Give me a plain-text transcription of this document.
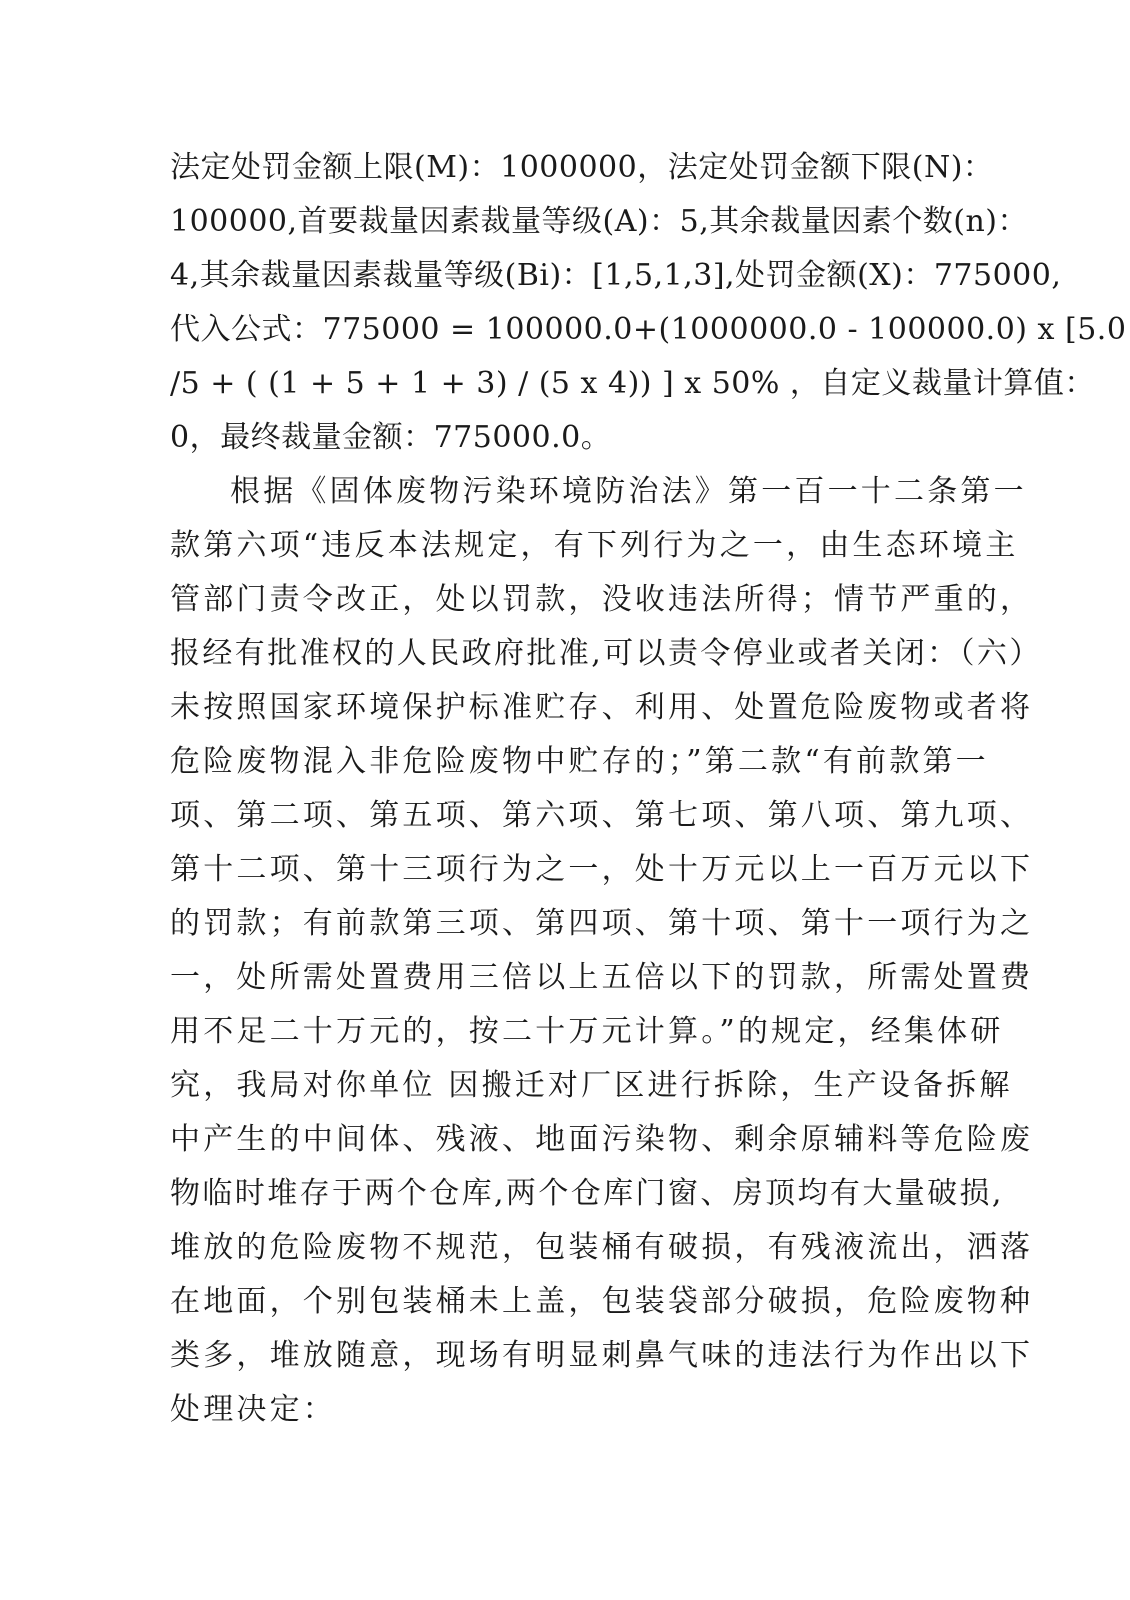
法定处罚金额上限(M)：1000000，法定处罚金额下限(N)：
100000,首要裁量因素裁量等级(A)：5,其余裁量因素个数(n)：
4,其余裁量因素裁量等级(Bi)：[1,5,1,3],处罚金额(X)：775000,
代入公式：775000 = 100000.0+(1000000.0 - 100000.0) x [5.0
/5 + ( (1 + 5 + 1 + 3) / (5 x 4)) ] x 50% ，自定义裁量计算值：
0，最终裁量金额：775000.0。
根据《固体废物污染环境防治法》第一百一十二条第一
款第六项“违反本法规定，有下列行为之一，由生态环境主
管部门责令改正，处以罚款，没收违法所得；情节严重的，
报经有批准权的人民政府批准,可以责令停业或者关闭：（六）
未按照国家环境保护标准贮存、利用、处置危险废物或者将
危险废物混入非危险废物中贮存的；”第二款“有前款第一
项、第二项、第五项、第六项、第七项、第八项、第九项、
第十二项、第十三项行为之一，处十万元以上一百万元以下
的罚款；有前款第三项、第四项、第十项、第十一项行为之
一，处所需处置费用三倍以上五倍以下的罚款，所需处置费
用不足二十万元的，按二十万元计算。”的规定，经集体研
究，我局对你单位 因搬迁对厂区进行拆除，生产设备拆解
中产生的中间体、残液、地面污染物、剩余原辅料等危险废
物临时堆存于两个仓库,两个仓库门窗、房顶均有大量破损,
堆放的危险废物不规范，包装桶有破损，有残液流出，洒落
在地面，个别包装桶未上盖，包装袋部分破损，危险废物种
类多，堆放随意，现场有明显刺鼻气味的违法行为作出以下
处理决定：
